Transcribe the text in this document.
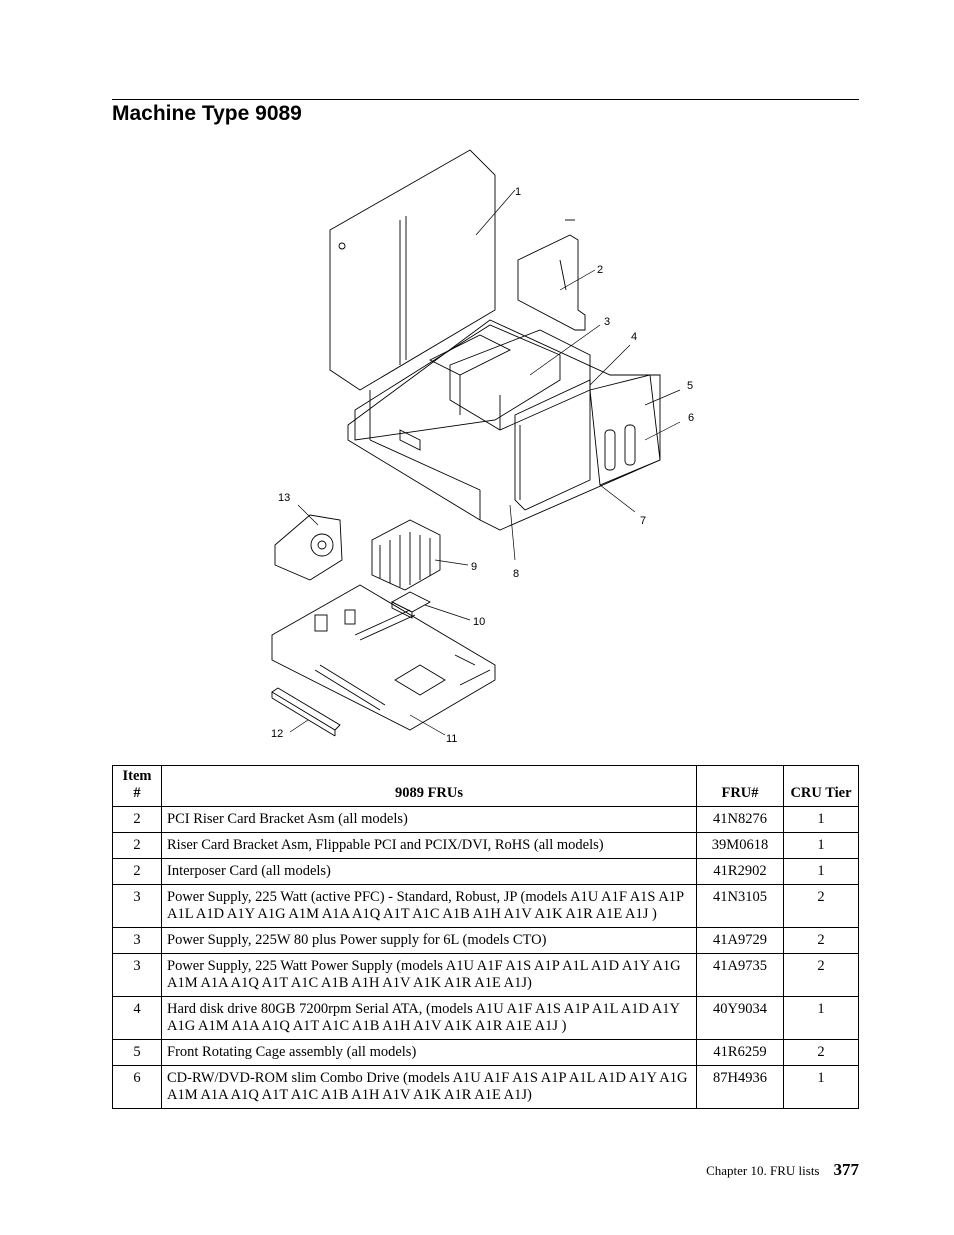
Machine Type 9089
1
2
3
4
5
6
7
8
9
10
11
12
13
Item #	9089 FRUs	FRU#	CRU Tier
2	PCI Riser Card Bracket Asm (all models)	41N8276	1
2	Riser Card Bracket Asm, Flippable PCI and PCIX/DVI, RoHS (all models)	39M0618	1
2	Interposer Card (all models)	41R2902	1
3	Power Supply, 225 Watt (active PFC) - Standard, Robust, JP (models A1U A1F A1S A1P A1L A1D A1Y A1G A1M A1A A1Q A1T A1C A1B A1H A1V A1K A1R A1E A1J )	41N3105	2
3	Power Supply, 225W 80 plus Power supply for 6L (models CTO)	41A9729	2
3	Power Supply, 225 Watt Power Supply (models A1U A1F A1S A1P A1L A1D A1Y A1G A1M A1A A1Q A1T A1C A1B A1H A1V A1K A1R A1E A1J)	41A9735	2
4	Hard disk drive 80GB 7200rpm Serial ATA, (models A1U A1F A1S A1P A1L A1D A1Y A1G A1M A1A A1Q A1T A1C A1B A1H A1V A1K A1R A1E A1J )	40Y9034	1
5	Front Rotating Cage assembly (all models)	41R6259	2
6	CD-RW/DVD-ROM slim Combo Drive (models A1U A1F A1S A1P A1L A1D A1Y A1G A1M A1A A1Q A1T A1C A1B A1H A1V A1K A1R A1E A1J)	87H4936	1
Chapter 10. FRU lists 377
